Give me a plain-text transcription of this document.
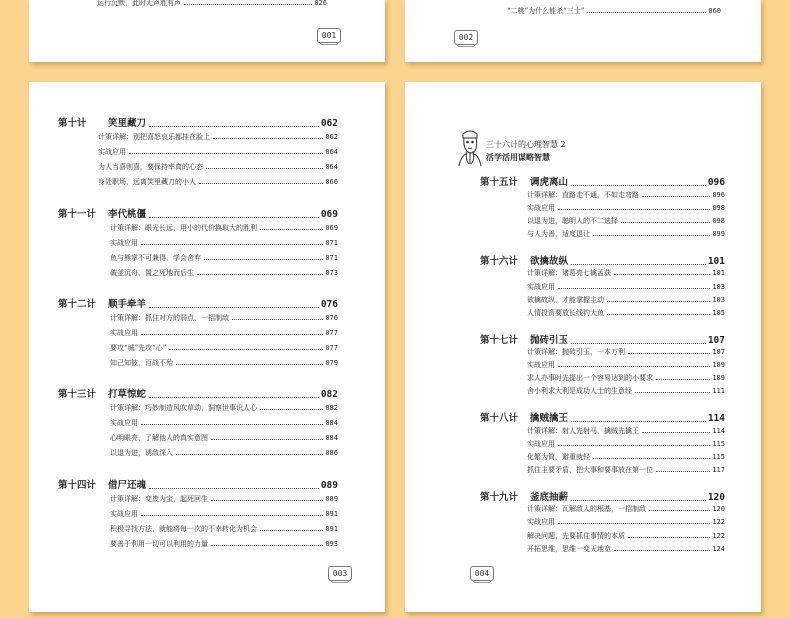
运行沉默，此时无声胜有声	026
001
“二桃”为什么能杀“三士”	060
002
第十计	笑里藏刀	062
计策详解：别把喜怒哀乐都挂在脸上	062
实战应用	064
为人当喜则喜，要保持率真的心态	064
身处职场，远离笑里藏刀的小人	066
第十一计	李代桃僵	069
计策详解：眼光长远，用小的代价换取大的胜利	069
实战应用	071
鱼与熊掌不可兼得，学会舍弃	071
破釜沉舟，置之死地而后生	073
第十二计	顺手牵羊	076
计策详解：抓住对方的弱点，一招制敌	076
实战应用	077
要攻“城”先攻“心”	077
知己知彼，百战不殆	079
第十三计	打草惊蛇	082
计策详解：巧妙制造风吹草动，洞察世事识人心	082
实战应用	084
心明眼亮，了解他人的真实意图	084
以退为进，诱敌深入	086
第十四计	借尸还魂	089
计策详解：变废为宝，起死回生	089
实战应用	091
积极寻找方法，就能将每一次的不幸转化为机会	091
要善于利用一切可以利用的力量	093
003
三十六计的心理智慧 2
活学活用谋略智慧
第十五计	调虎离山	096
计策详解：直路走不通，不如走弯路	096
实战应用	098
以退为进，聪明人的不二选择	098
与人为善，适度退让	099
第十六计	欲擒故纵	101
计策详解：诸葛亮七擒孟获	101
实战应用	103
欲擒故纵，才能掌握主动	103
人情投资要放长线钓大鱼	105
第十七计	抛砖引玉	107
计策详解：抛砖引玉，一本万利	107
实战应用	109
求人办事时先提出一个容易达到的小要求	109
舍小利求大利是成功人士的生意经	111
第十八计	擒贼擒王	114
计策详解：射人先射马，擒贼先擒王	114
实战应用	115
化繁为简，避重就轻	115
抓住主要矛盾，把大事和要事放在第一位	117
第十九计	釜底抽薪	120
计策详解：瓦解敌人的根基，一招制敌	120
实战应用	122
解决问题，先要抓住事情的本质	122
开拓思维，思维一变天地宽	124
004
